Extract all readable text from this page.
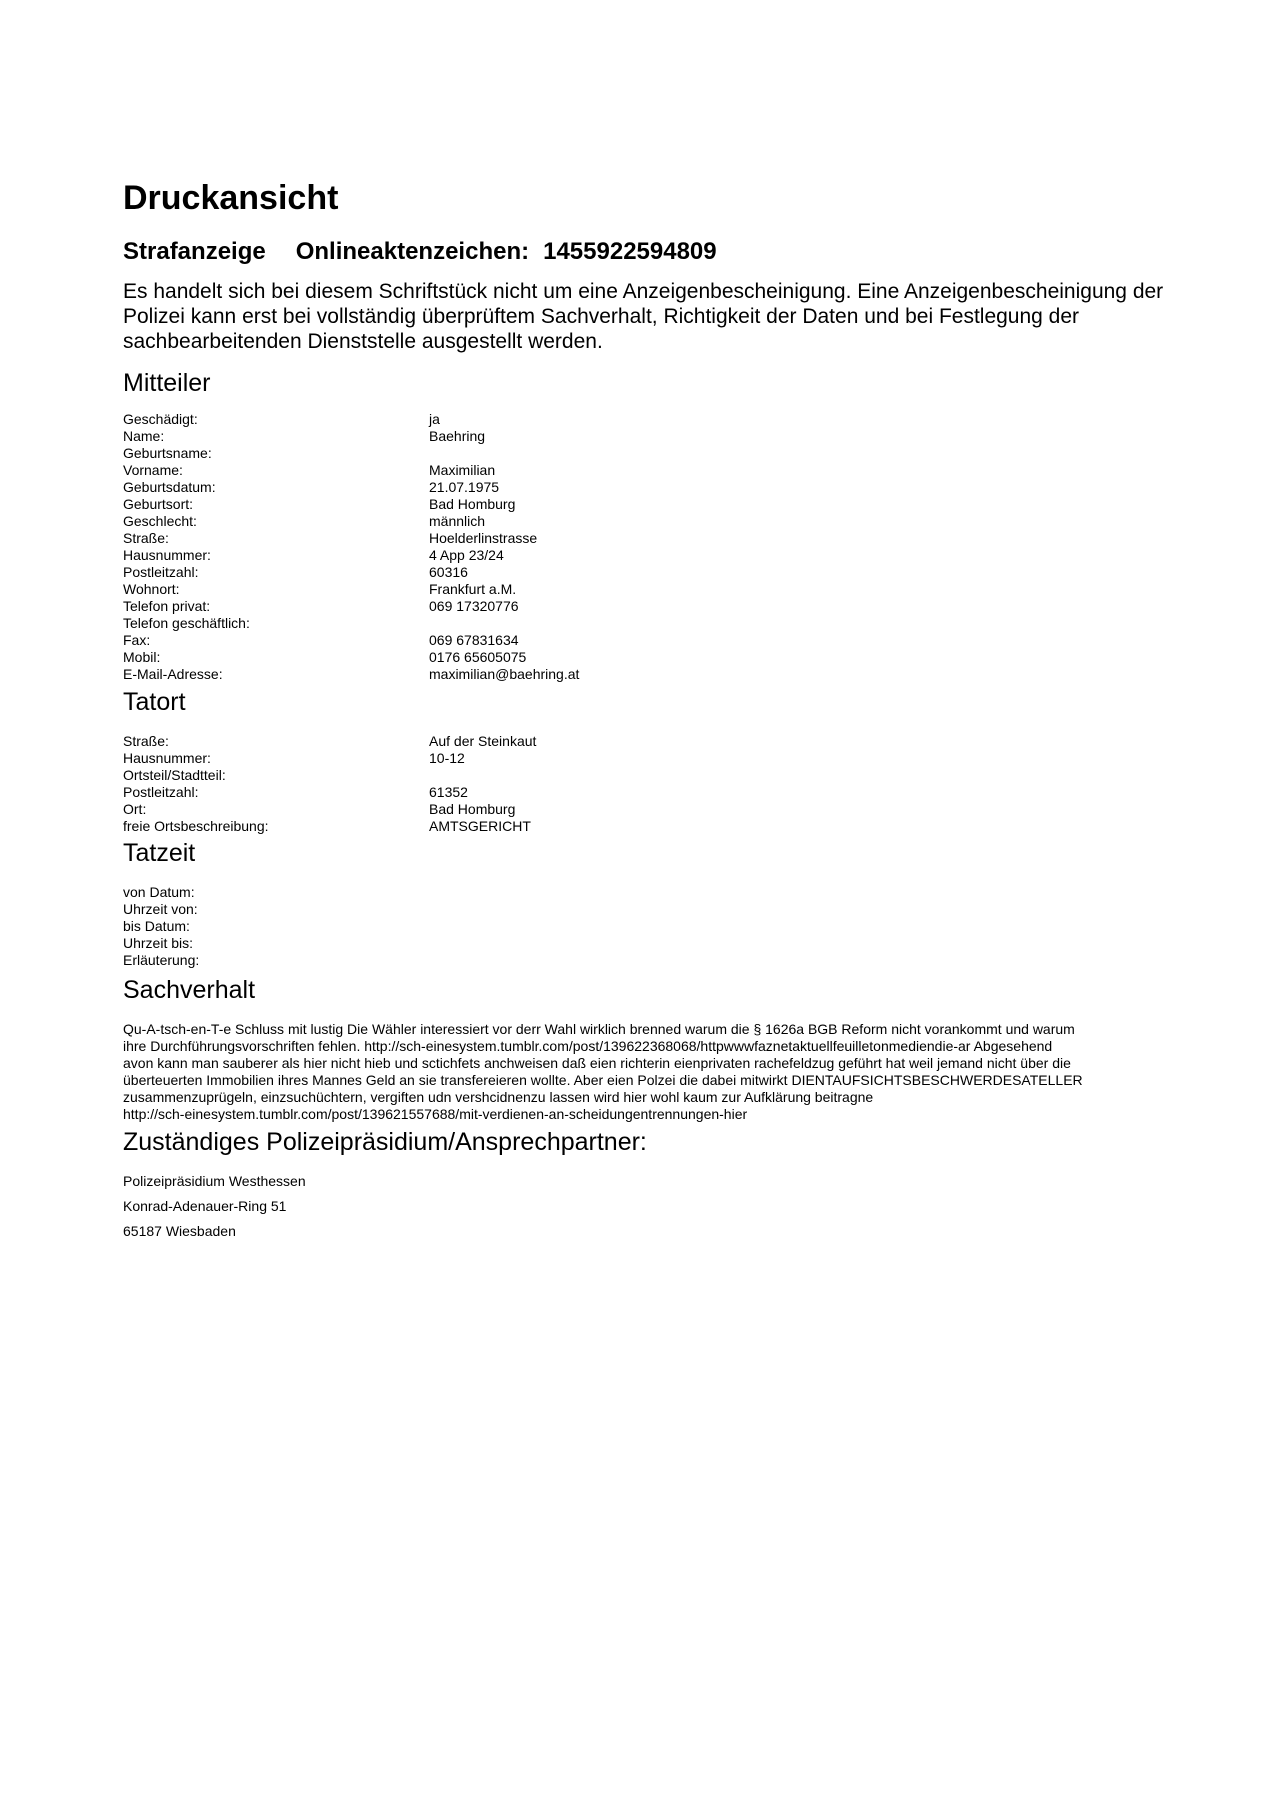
Druckansicht
Strafanzeige Onlineaktenzeichen: 1455922594809

Es handelt sich bei diesem Schriftstück nicht um eine Anzeigenbescheinigung. Eine Anzeigenbescheinigung der Polizei kann erst bei vollständig überprüftem Sachverhalt, Richtigkeit der Daten und bei Festlegung der sachbearbeitenden Dienststelle ausgestellt werden.

Mitteiler
Geschädigt:	ja
Name:	Baehring
Geburtsname:
Vorname:	Maximilian
Geburtsdatum:	21.07.1975
Geburtsort:	Bad Homburg
Geschlecht:	männlich
Straße:	Hoelderlinstrasse
Hausnummer:	4 App 23/24
Postleitzahl:	60316
Wohnort:	Frankfurt a.M.
Telefon privat:	069 17320776
Telefon geschäftlich:
Fax:	069 67831634
Mobil:	0176 65605075
E-Mail-Adresse:	maximilian@baehring.at
Tatort
Straße:	Auf der Steinkaut
Hausnummer:	10-12
Ortsteil/Stadtteil:
Postleitzahl:	61352
Ort:	Bad Homburg
freie Ortsbeschreibung:	AMTSGERICHT
Tatzeit
von Datum:
Uhrzeit von:
bis Datum:
Uhrzeit bis:
Erläuterung:
Sachverhalt
Qu-A-tsch-en-T-e Schluss mit lustig Die Wähler interessiert vor derr Wahl wirklich brenned warum die § 1626a BGB Reform nicht vorankommt und warum
ihre Durchführungsvorschriften fehlen. http://sch-einesystem.tumblr.com/post/139622368068/httpwwwfaznetaktuellfeuilletonmediendie-ar Abgesehend
avon kann man sauberer als hier nicht hieb und sctichfets anchweisen daß eien richterin eienprivaten rachefeldzug geführt hat weil jemand nicht über die
überteuerten Immobilien ihres Mannes Geld an sie transfereieren wollte. Aber eien Polzei die dabei mitwirkt DIENTAUFSICHTSBESCHWERDESATELLER
zusammenzuprügeln, einzsuchüchtern, vergiften udn vershcidnenzu lassen wird hier wohl kaum zur Aufklärung beitragne
http://sch-einesystem.tumblr.com/post/139621557688/mit-verdienen-an-scheidungentrennungen-hier
Zuständiges Polizeipräsidium/Ansprechpartner:
Polizeipräsidium Westhessen
Konrad-Adenauer-Ring 51
65187 Wiesbaden
